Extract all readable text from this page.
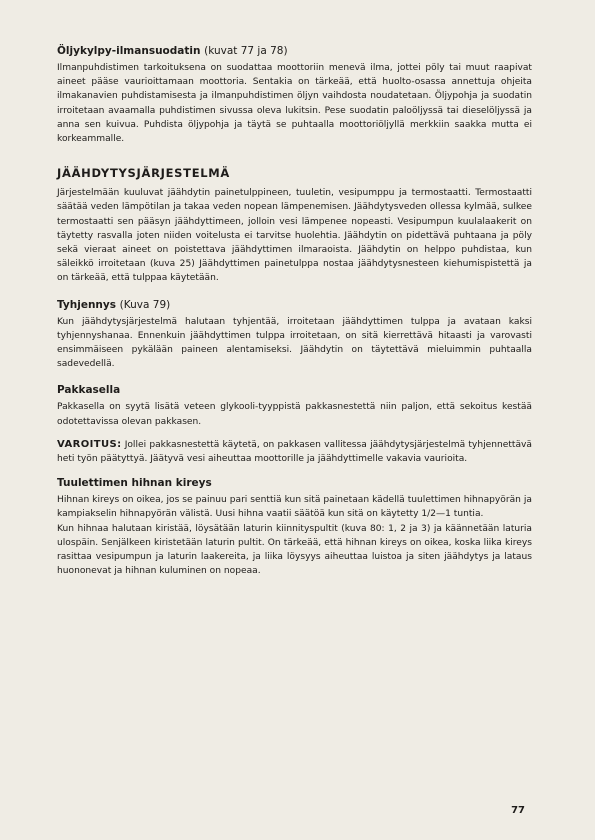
Öljykylpy-ilmansuodatin (kuvat 77 ja 78)

Ilmanpuhdistimen tarkoituksena on suodattaa moottoriin menevä ilma, jottei pöly tai muut raapivat aineet pääse vaurioittamaan moottoria. Sentakia on tärkeää, että huolto-osassa annettuja ohjeita ilmakanavien puhdistamisesta ja ilmanpuhdistimen öljyn vaihdosta noudatetaan. Öljypohja ja suodatin irroitetaan avaamalla puhdistimen sivussa oleva lukitsin. Pese suodatin paloöljyssä tai dieselöljyssä ja anna sen kuivua. Puhdista öljypohja ja täytä se puhtaalla moottoriöljyllä merkkiin saakka mutta ei korkeammalle.

JÄÄHDYTYSJÄRJESTELMÄ

Järjestelmään kuuluvat jäähdytin painetulppineen, tuuletin, vesipumppu ja termostaatti. Termostaatti säätää veden lämpötilan ja takaa veden nopean lämpenemisen. Jäähdytysveden ollessa kylmää, sulkee termostaatti sen pääsyn jäähdyttimeen, jolloin vesi lämpenee nopeasti. Vesipumpun kuulalaakerit on täytetty rasvalla joten niiden voitelusta ei tarvitse huolehtia. Jäähdytin on pidettävä puhtaana ja pöly sekä vieraat aineet on poistettava jäähdyttimen ilmaraoista. Jäähdytin on helppo puhdistaa, kun säleikkö irroitetaan (kuva 25) Jäähdyttimen painetulppa nostaa jäähdytysnesteen kiehumispistettä ja on tärkeää, että tulppaa käytetään.

Tyhjennys (Kuva 79)

Kun jäähdytysjärjestelmä halutaan tyhjentää, irroitetaan jäähdyttimen tulppa ja avataan kaksi tyhjennyshanaa. Ennenkuin jäähdyttimen tulppa irroitetaan, on sitä kierrettävä hitaasti ja varovasti ensimmäiseen pykälään paineen alentamiseksi. Jäähdytin on täytettävä mieluimmin puhtaalla sadevedellä.

Pakkasella

Pakkasella on syytä lisätä veteen glykooli-tyyppistä pakkasnestettä niin paljon, että sekoitus kestää odotettavissa olevan pakkasen.

VAROITUS: Jollei pakkasnestettä käytetä, on pakkasen vallitessa jäähdytysjärjestelmä tyhjennettävä heti työn päätyttyä. Jäätyvä vesi aiheuttaa moottorille ja jäähdyttimelle vakavia vaurioita.

Tuulettimen hihnan kireys

Hihnan kireys on oikea, jos se painuu pari senttiä kun sitä painetaan kädellä tuulettimen hihnapyörän ja kampiakselin hihnapyörän välistä. Uusi hihna vaatii säätöä kun sitä on käytetty 1/2—1 tuntia.

Kun hihnaa halutaan kiristää, löysätään laturin kiinnityspultit (kuva 80: 1, 2 ja 3) ja käännetään laturia ulospäin. Senjälkeen kiristetään laturin pultit. On tärkeää, että hihnan kireys on oikea, koska liika kireys rasittaa vesipumpun ja laturin laakereita, ja liika löysyys aiheuttaa luistoa ja siten jäähdytys ja lataus huononevat ja hihnan kuluminen on nopeaa.

77
